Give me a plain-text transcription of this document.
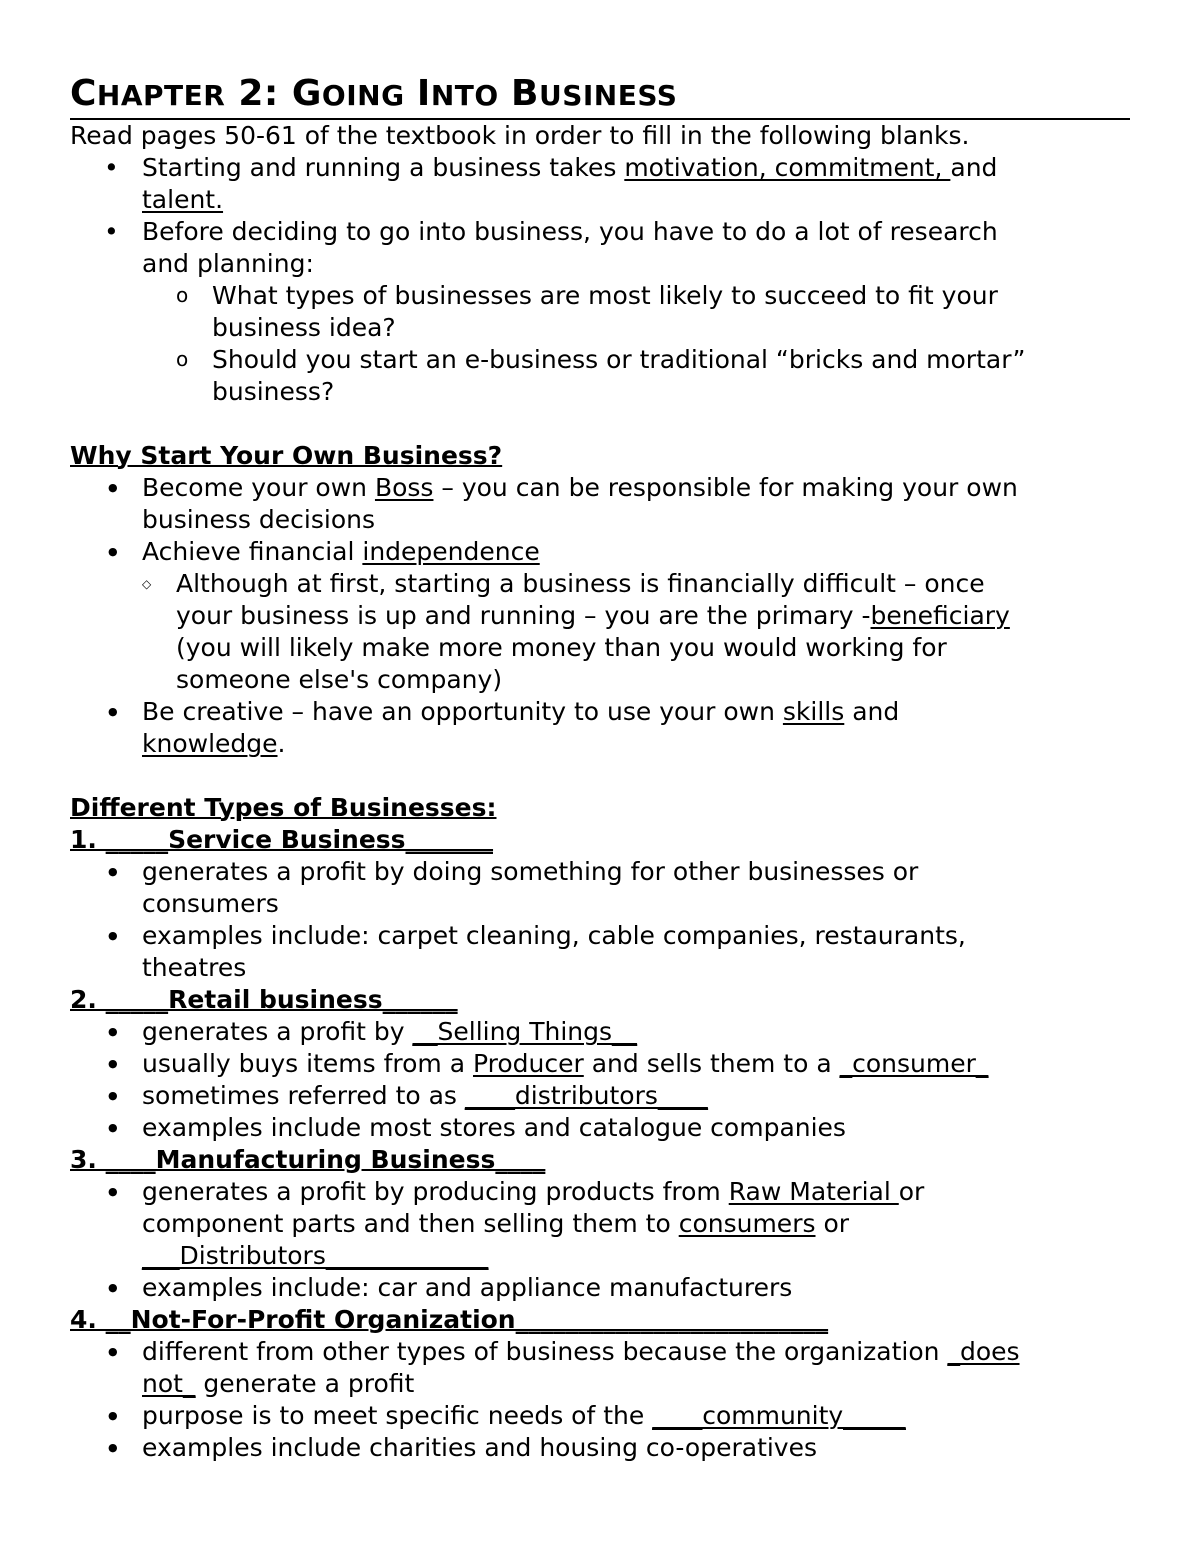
CHAPTER 2: GOING INTO BUSINESS
Read pages 50-61 of the textbook in order to fill in the following blanks.
• Starting and running a business takes motivation, commitment, and
talent.
• Before deciding to go into business, you have to do a lot of research
and planning:
o What types of businesses are most likely to succeed to fit your
business idea?
o Should you start an e-business or traditional “bricks and mortar”
business?
Why Start Your Own Business?
● Become your own Boss – you can be responsible for making your own
business decisions
● Achieve financial independence
◇ Although at first, starting a business is financially difficult – once
your business is up and running – you are the primary -beneficiary
(you will likely make more money than you would working for
someone else's company)
● Be creative – have an opportunity to use your own skills and
knowledge.
Different Types of Businesses:
1. _____Service Business_______
● generates a profit by doing something for other businesses or
consumers
● examples include: carpet cleaning, cable companies, restaurants,
theatres
2. _____Retail business______
● generates a profit by __Selling Things__
● usually buys items from a Producer and sells them to a _consumer_
● sometimes referred to as ____distributors____
● examples include most stores and catalogue companies
3. ____Manufacturing Business____
● generates a profit by producing products from Raw Material or
component parts and then selling them to consumers or
___Distributors_____________
● examples include: car and appliance manufacturers
4. __Not-For-Profit Organization_________________________
● different from other types of business because the organization _does
not_ generate a profit
● purpose is to meet specific needs of the ____community_____
● examples include charities and housing co-operatives
